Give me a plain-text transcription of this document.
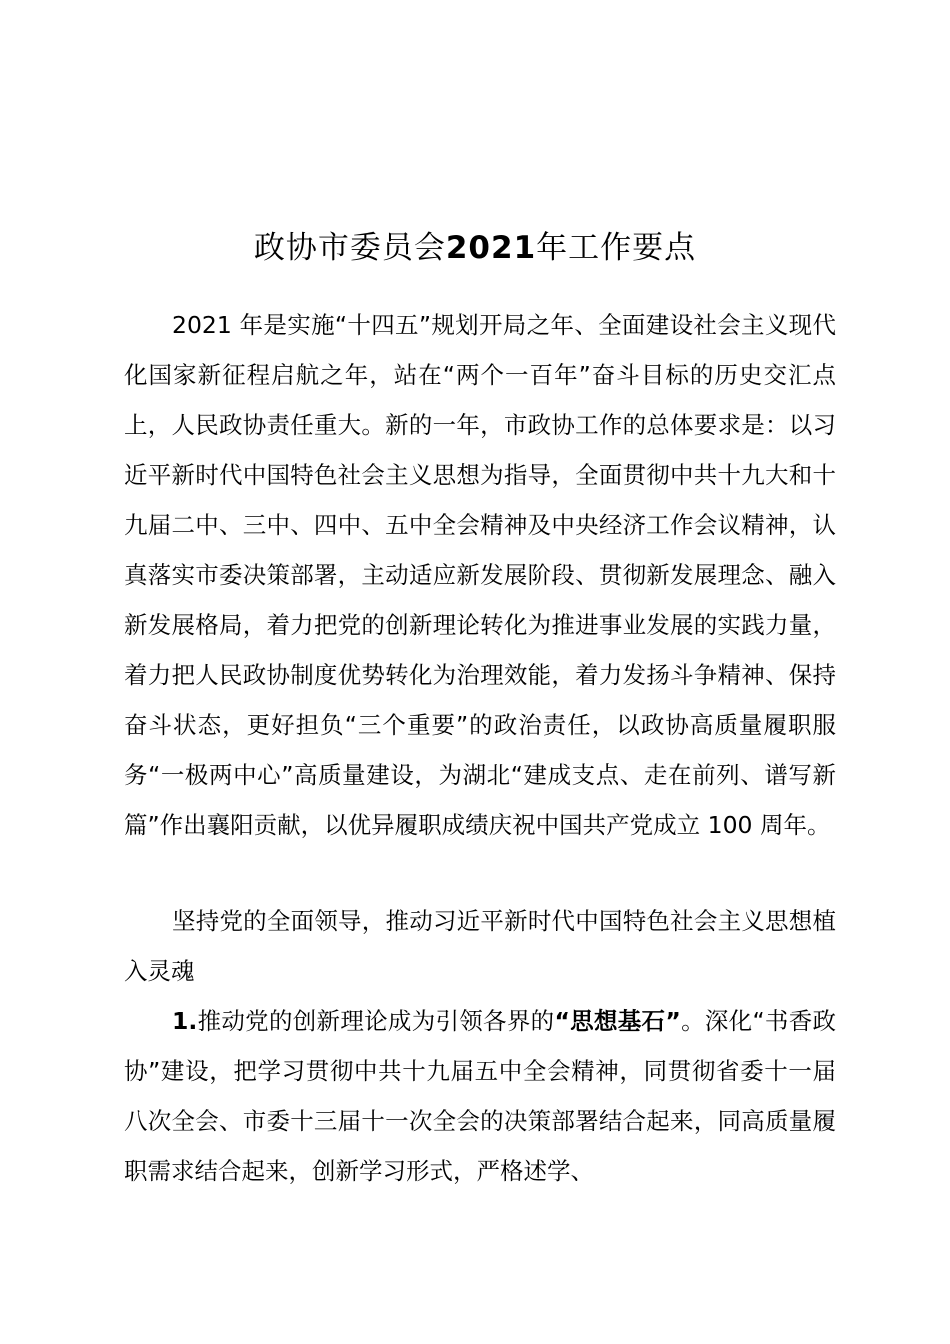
政协市委员会2021年工作要点

2021 年是实施“十四五”规划开局之年、全面建设社会主义现代化国家新征程启航之年，站在“两个一百年”奋斗目标的历史交汇点上，人民政协责任重大。新的一年，市政协工作的总体要求是：以习近平新时代中国特色社会主义思想为指导，全面贯彻中共十九大和十九届二中、三中、四中、五中全会精神及中央经济工作会议精神，认真落实市委决策部署，主动适应新发展阶段、贯彻新发展理念、融入新发展格局，着力把党的创新理论转化为推进事业发展的实践力量，着力把人民政协制度优势转化为治理效能，着力发扬斗争精神、保持奋斗状态，更好担负“三个重要”的政治责任，以政协高质量履职服务“一极两中心”高质量建设，为湖北“建成支点、走在前列、谱写新篇”作出襄阳贡献，以优异履职成绩庆祝中国共产党成立 100 周年。

坚持党的全面领导，推动习近平新时代中国特色社会主义思想植入灵魂

1.推动党的创新理论成为引领各界的“思想基石”。深化“书香政协”建设，把学习贯彻中共十九届五中全会精神，同贯彻省委十一届八次全会、市委十三届十一次全会的决策部署结合起来，同高质量履职需求结合起来，创新学习形式，严格述学、
